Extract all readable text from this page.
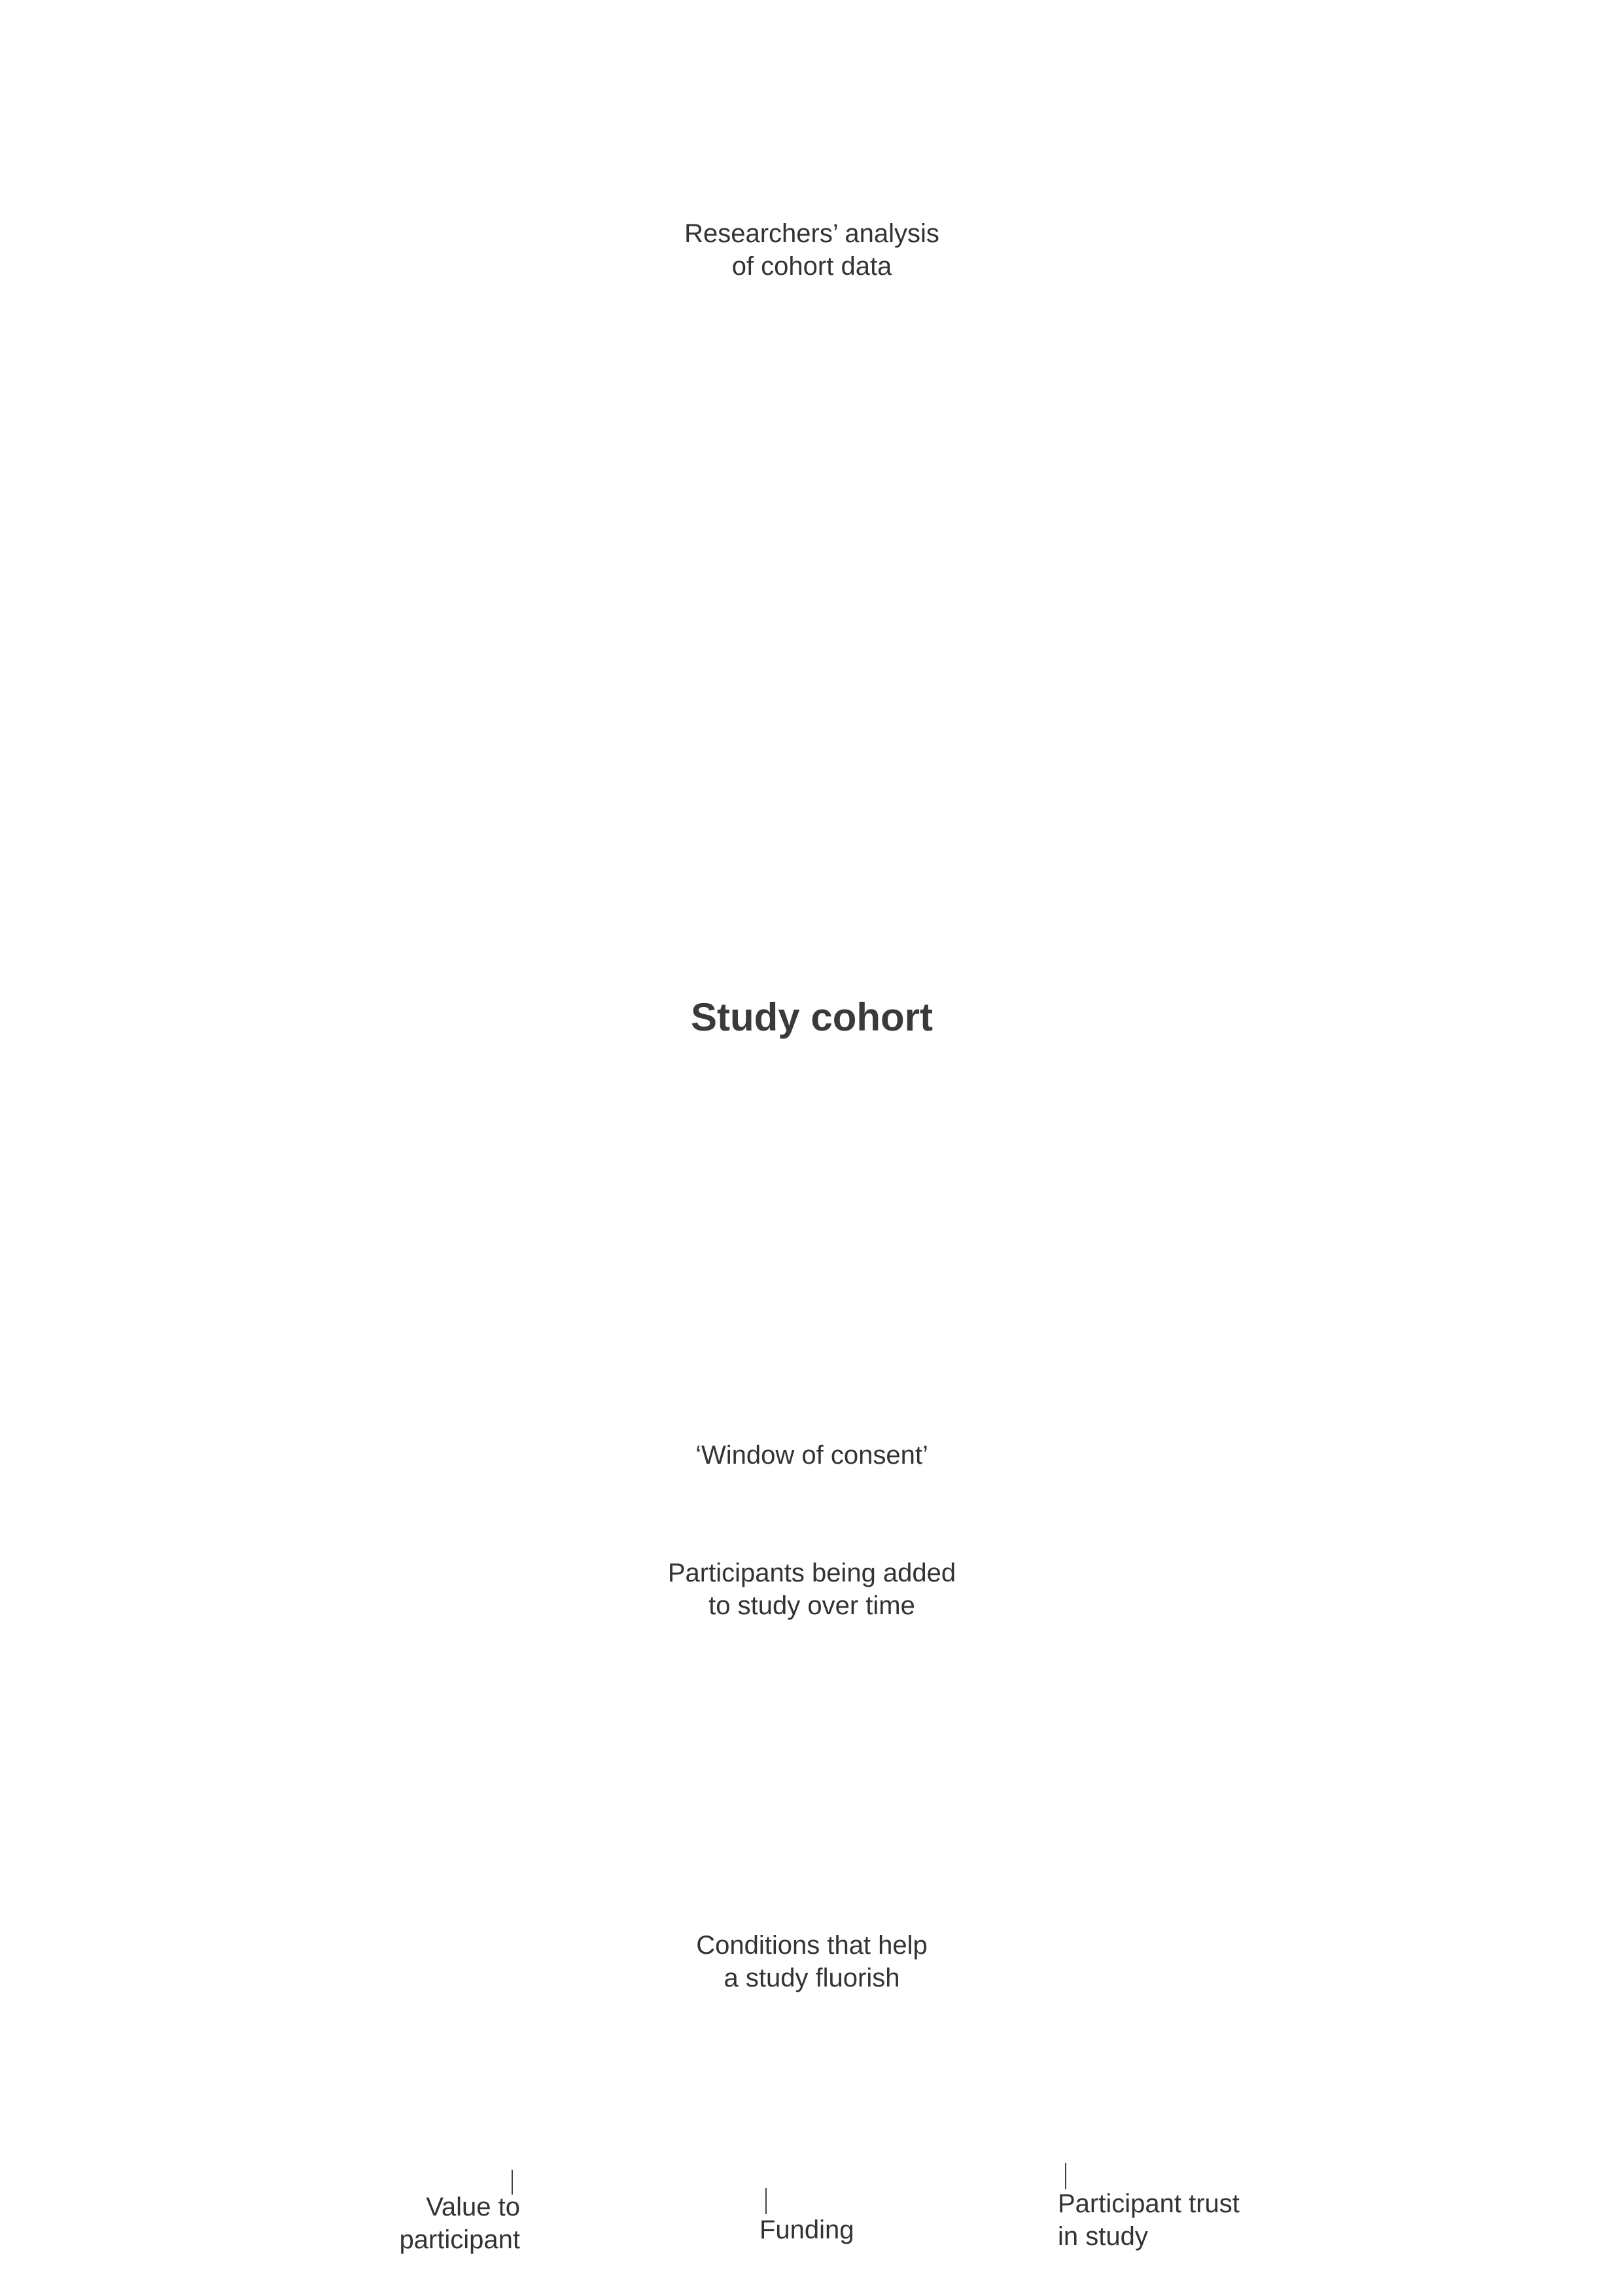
Researchers’ analysis
of cohort data
Study cohort
‘Window of consent’
Participants being added
to study over time
Conditions that help
a study fluorish
Value to
participant	Funding
Participant trust
in study
